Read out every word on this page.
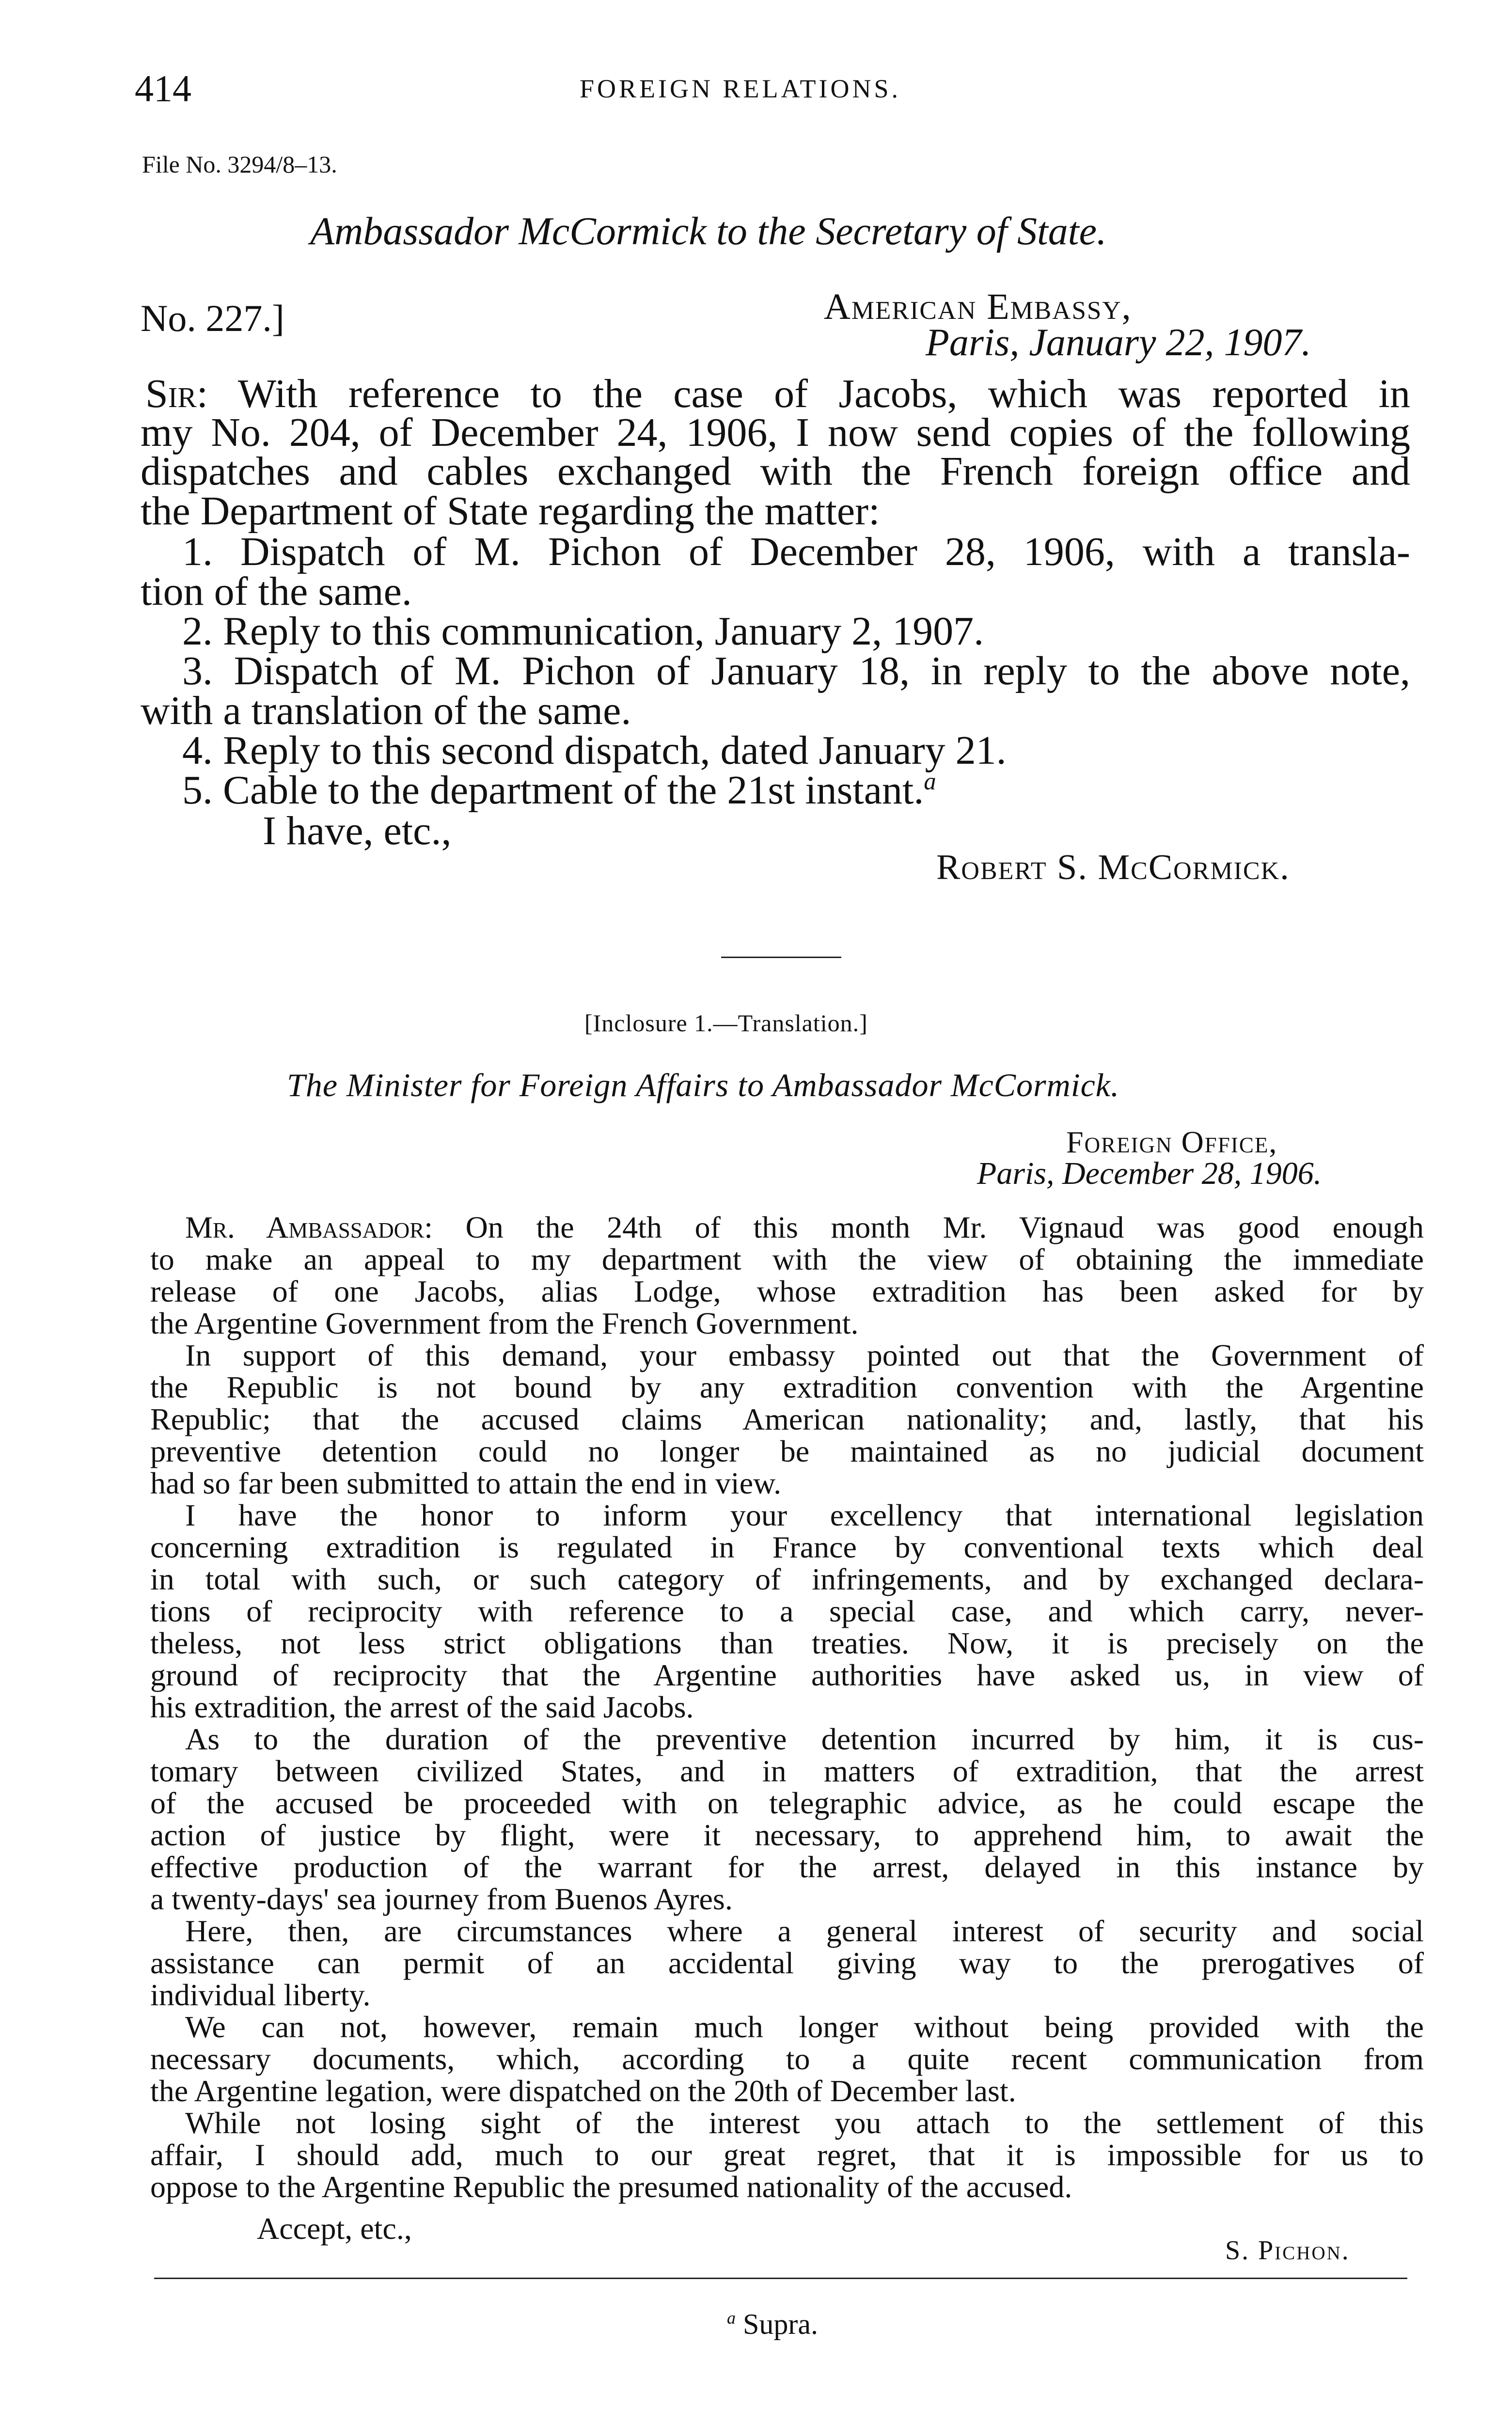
414	FOREIGN RELATIONS.
File No. 3294/8–13.
Ambassador McCormick to the Secretary of State.
No. 227.]	American Embassy,
Paris, January 22, 1907.
Sir: With reference to the case of Jacobs, which was reported in
my No. 204, of December 24, 1906, I now send copies of the following
dispatches and cables exchanged with the French foreign office and
the Department of State regarding the matter:
1. Dispatch of M. Pichon of December 28, 1906, with a transla-
tion of the same.
2. Reply to this communication, January 2, 1907.
3. Dispatch of M. Pichon of January 18, in reply to the above note,
with a translation of the same.
4. Reply to this second dispatch, dated January 21.
5. Cable to the department of the 21st instant.$^a$
I have, etc.,
Robert S. McCormick.
[Inclosure 1.—Translation.]
The Minister for Foreign Affairs to Ambassador McCormick.
Foreign Office,
Paris, December 28, 1906.
Mr. Ambassador: On the 24th of this month Mr. Vignaud was good enough
to make an appeal to my department with the view of obtaining the immediate
release of one Jacobs, alias Lodge, whose extradition has been asked for by
the Argentine Government from the French Government.
In support of this demand, your embassy pointed out that the Government of
the Republic is not bound by any extradition convention with the Argentine
Republic; that the accused claims American nationality; and, lastly, that his
preventive detention could no longer be maintained as no judicial document
had so far been submitted to attain the end in view.
I have the honor to inform your excellency that international legislation
concerning extradition is regulated in France by conventional texts which deal
in total with such, or such category of infringements, and by exchanged declara-
tions of reciprocity with reference to a special case, and which carry, never-
theless, not less strict obligations than treaties. Now, it is precisely on the
ground of reciprocity that the Argentine authorities have asked us, in view of
his extradition, the arrest of the said Jacobs.
As to the duration of the preventive detention incurred by him, it is cus-
tomary between civilized States, and in matters of extradition, that the arrest
of the accused be proceeded with on telegraphic advice, as he could escape the
action of justice by flight, were it necessary, to apprehend him, to await the
effective production of the warrant for the arrest, delayed in this instance by
a twenty-days' sea journey from Buenos Ayres.
Here, then, are circumstances where a general interest of security and social
assistance can permit of an accidental giving way to the prerogatives of
individual liberty.
We can not, however, remain much longer without being provided with the
necessary documents, which, according to a quite recent communication from
the Argentine legation, were dispatched on the 20th of December last.
While not losing sight of the interest you attach to the settlement of this
affair, I should add, much to our great regret, that it is impossible for us to
oppose to the Argentine Republic the presumed nationality of the accused.
Accept, etc.,
S. Pichon.
$^a$ Supra.
